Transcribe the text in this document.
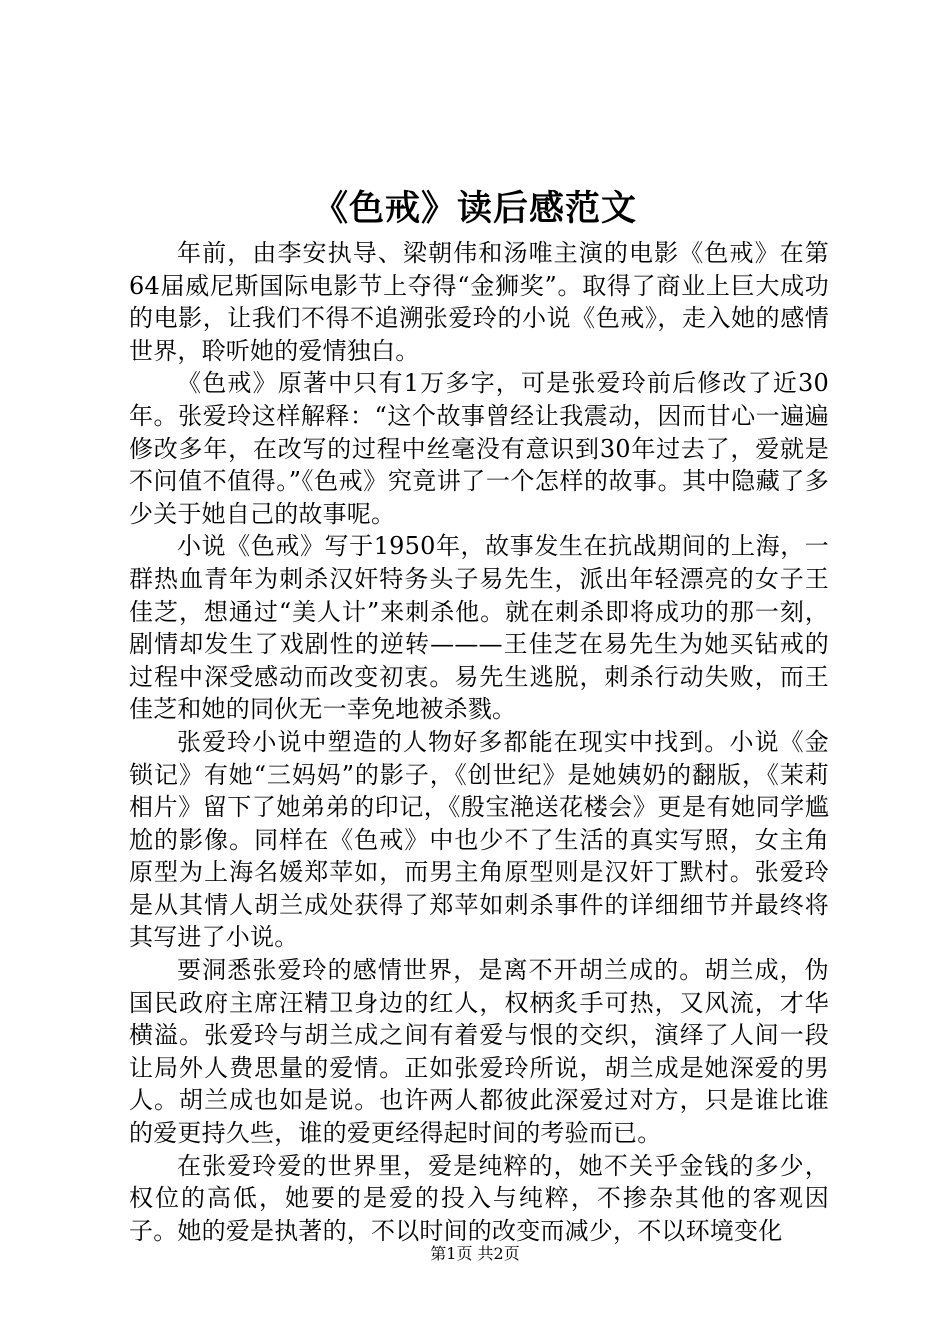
《色戒》读后感范文

年前，由李安执导、梁朝伟和汤唯主演的电影《色戒》在第64届威尼斯国际电影节上夺得“金狮奖”。取得了商业上巨大成功的电影，让我们不得不追溯张爱玲的小说《色戒》，走入她的感情世界，聆听她的爱情独白。

《色戒》原著中只有1万多字，可是张爱玲前后修改了近30年。张爱玲这样解释：“这个故事曾经让我震动，因而甘心一遍遍修改多年，在改写的过程中丝毫没有意识到30年过去了，爱就是不问值不值得。”《色戒》究竟讲了一个怎样的故事。其中隐藏了多少关于她自己的故事呢。

小说《色戒》写于1950年，故事发生在抗战期间的上海，一群热血青年为刺杀汉奸特务头子易先生，派出年轻漂亮的女子王佳芝，想通过“美人计”来刺杀他。就在刺杀即将成功的那一刻，剧情却发生了戏剧性的逆转———王佳芝在易先生为她买钻戒的过程中深受感动而改变初衷。易先生逃脱，刺杀行动失败，而王佳芝和她的同伙无一幸免地被杀戮。

张爱玲小说中塑造的人物好多都能在现实中找到。小说《金锁记》有她“三妈妈”的影子，《创世纪》是她姨奶的翻版，《茉莉相片》留下了她弟弟的印记，《殷宝滟送花楼会》更是有她同学尴尬的影像。同样在《色戒》中也少不了生活的真实写照，女主角原型为上海名媛郑苹如，而男主角原型则是汉奸丁默村。张爱玲是从其情人胡兰成处获得了郑苹如刺杀事件的详细细节并最终将其写进了小说。

要洞悉张爱玲的感情世界，是离不开胡兰成的。胡兰成，伪国民政府主席汪精卫身边的红人，权柄炙手可热，又风流，才华横溢。张爱玲与胡兰成之间有着爱与恨的交织，演绎了人间一段让局外人费思量的爱情。正如张爱玲所说，胡兰成是她深爱的男人。胡兰成也如是说。也许两人都彼此深爱过对方，只是谁比谁的爱更持久些，谁的爱更经得起时间的考验而已。

在张爱玲爱的世界里，爱是纯粹的，她不关乎金钱的多少，权位的高低，她要的是爱的投入与纯粹，不掺杂其他的客观因子。她的爱是执著的，不以时间的改变而减少，不以环境变化

第1页 共2页
